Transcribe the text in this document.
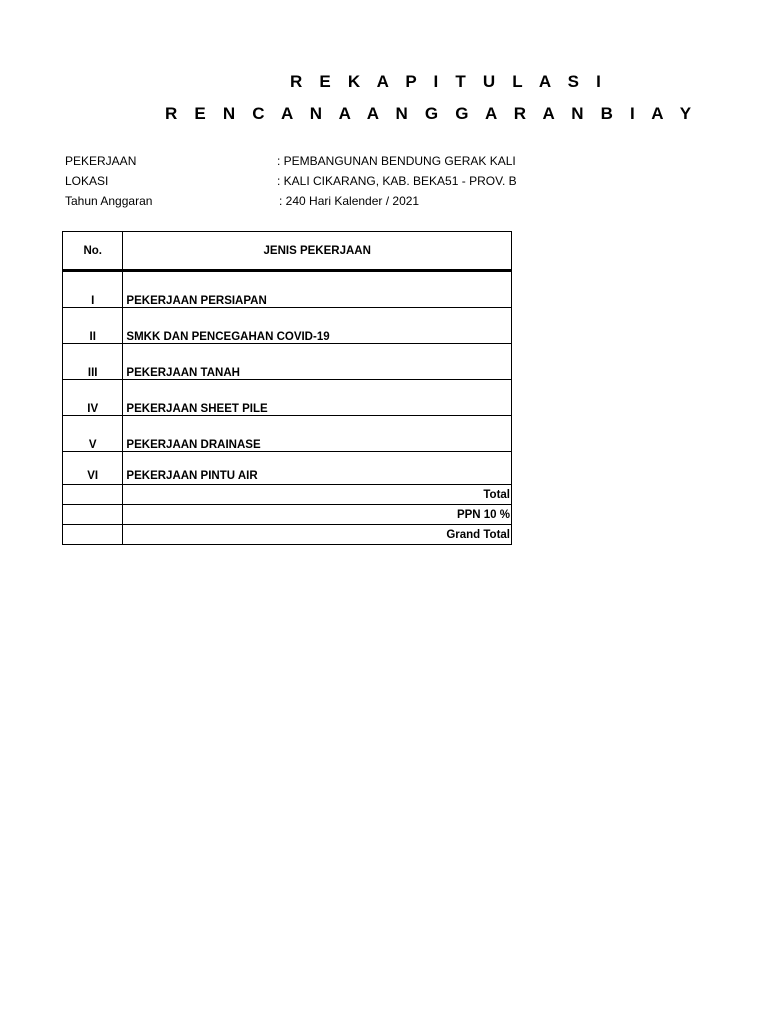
R E K A P I T U L A S I
R E N C A N A A N G G A R A N B I A Y
PEKERJAAN	: PEMBANGUNAN BENDUNG GERAK KALI
LOKASI	: KALI CIKARANG, KAB. BEKA51 - PROV. B
Tahun Anggaran	: 240 Hari Kalender / 2021
No.	JENIS PEKERJAAN
I	PEKERJAAN PERSIAPAN
II	SMKK DAN PENCEGAHAN COVID-19
III	PEKERJAAN TANAH
IV	PEKERJAAN SHEET PILE
V	PEKERJAAN DRAINASE
VI	PEKERJAAN PINTU AIR
	Total
	PPN 10 %
	Grand Total
